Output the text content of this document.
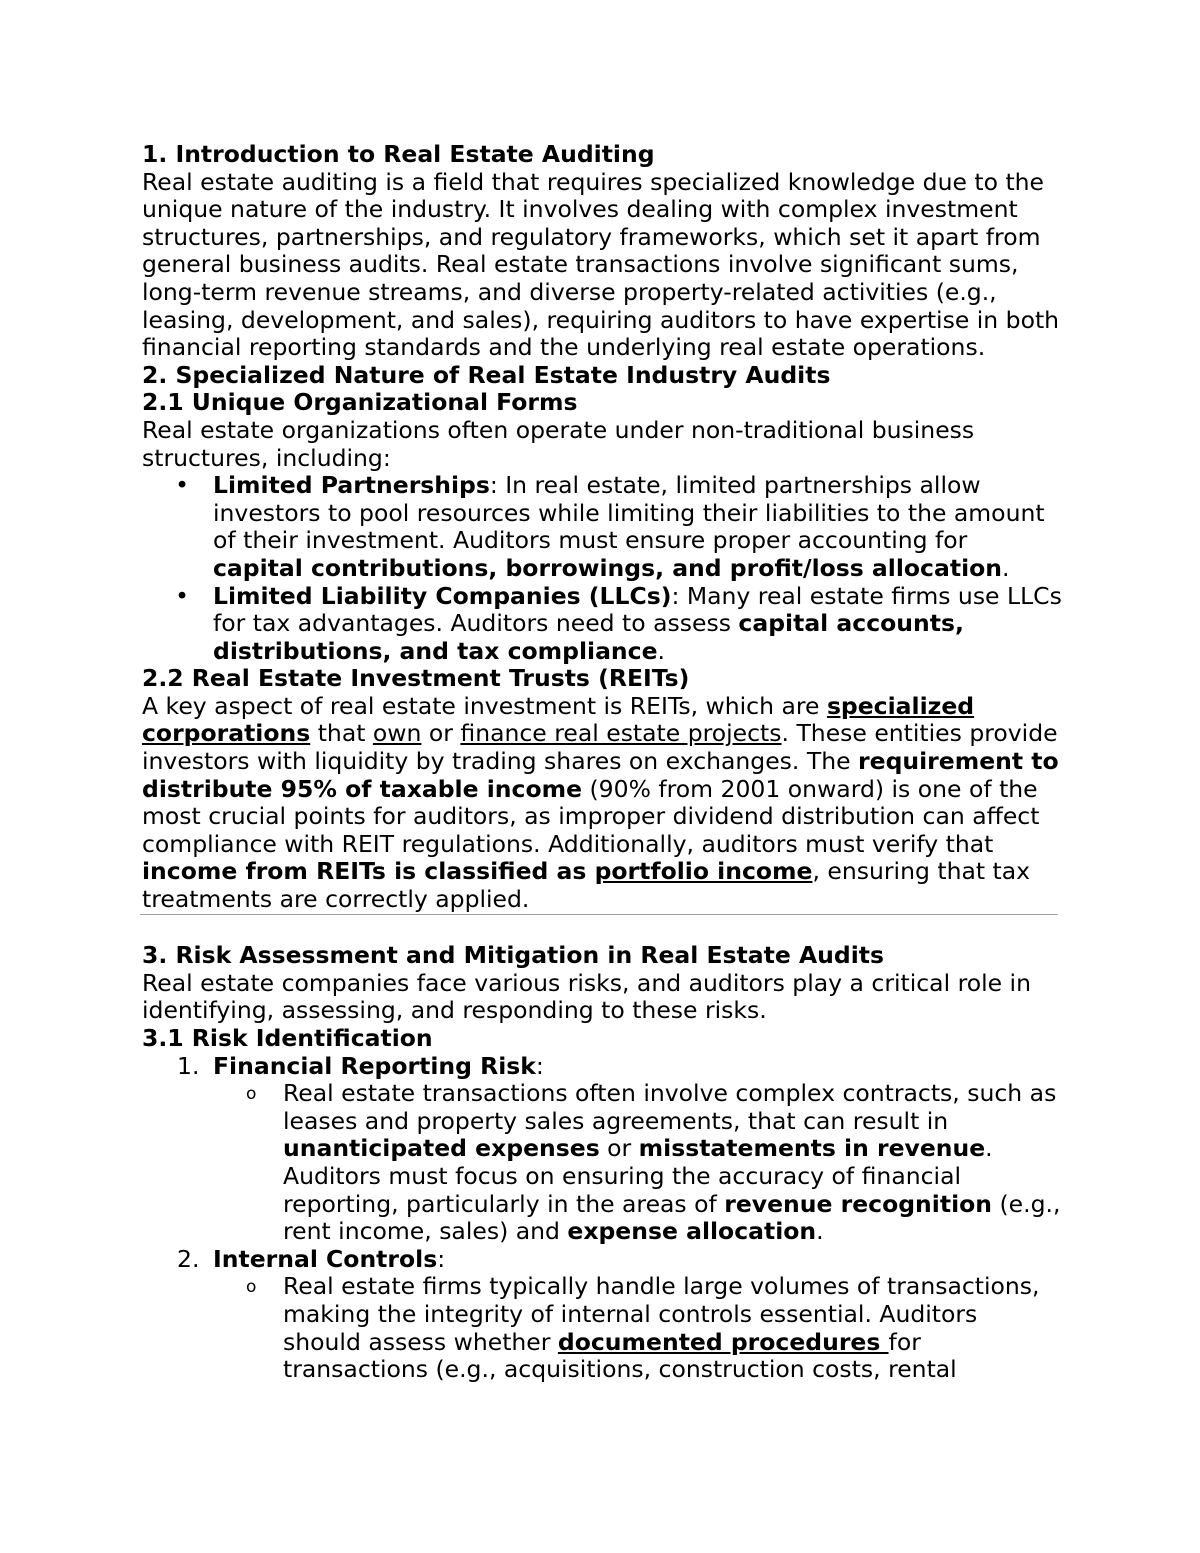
1. Introduction to Real Estate Auditing

Real estate auditing is a field that requires specialized knowledge due to the unique nature of the industry. It involves dealing with complex investment structures, partnerships, and regulatory frameworks, which set it apart from general business audits. Real estate transactions involve significant sums, long-term revenue streams, and diverse property-related activities (e.g., leasing, development, and sales), requiring auditors to have expertise in both financial reporting standards and the underlying real estate operations.

2. Specialized Nature of Real Estate Industry Audits
2.1 Unique Organizational Forms

Real estate organizations often operate under non-traditional business structures, including:

• Limited Partnerships: In real estate, limited partnerships allow investors to pool resources while limiting their liabilities to the amount of their investment. Auditors must ensure proper accounting for capital contributions, borrowings, and profit/loss allocation.
• Limited Liability Companies (LLCs): Many real estate firms use LLCs for tax advantages. Auditors need to assess capital accounts, distributions, and tax compliance.
2.2 Real Estate Investment Trusts (REITs)

A key aspect of real estate investment is REITs, which are specialized corporations that own or finance real estate projects. These entities provide investors with liquidity by trading shares on exchanges. The requirement to distribute 95% of taxable income (90% from 2001 onward) is one of the most crucial points for auditors, as improper dividend distribution can affect compliance with REIT regulations. Additionally, auditors must verify that income from REITs is classified as portfolio income, ensuring that tax treatments are correctly applied.

3. Risk Assessment and Mitigation in Real Estate Audits

Real estate companies face various risks, and auditors play a critical role in identifying, assessing, and responding to these risks.

3.1 Risk Identification
1. Financial Reporting Risk:
o Real estate transactions often involve complex contracts, such as leases and property sales agreements, that can result in unanticipated expenses or misstatements in revenue. Auditors must focus on ensuring the accuracy of financial reporting, particularly in the areas of revenue recognition (e.g., rent income, sales) and expense allocation.
2. Internal Controls:
o Real estate firms typically handle large volumes of transactions, making the integrity of internal controls essential. Auditors should assess whether documented procedures for transactions (e.g., acquisitions, construction costs, rental
